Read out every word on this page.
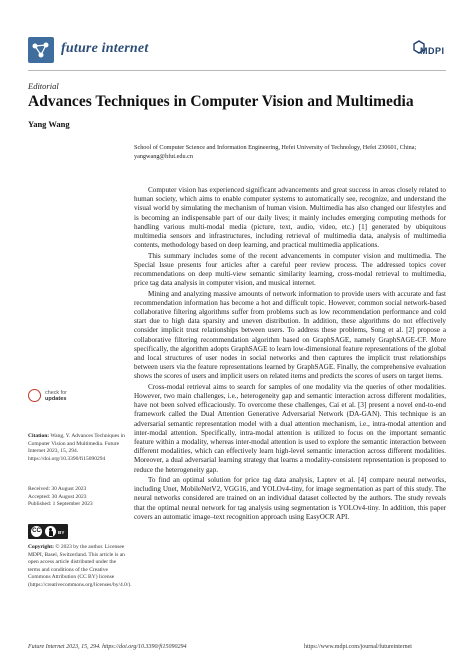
future internet	MDPI
Editorial
Advances Techniques in Computer Vision and Multimedia
Yang Wang
School of Computer Science and Information Engineering, Hefei University of Technology, Hefei 230601, China; yangwang@hfut.edu.cn

Computer vision has experienced significant advancements and great success in areas closely related to human society, which aims to enable computer systems to automatically see, recognize, and understand the visual world by simulating the mechanism of human vision. Multimedia has also changed our lifestyles and is becoming an indispensable part of our daily lives; it mainly includes emerging computing methods for handling various multi-modal media (picture, text, audio, video, etc.) [1] generated by ubiquitous multimedia sensors and infrastructures, including retrieval of multimedia data, analysis of multimedia contents, methodology based on deep learning, and practical multimedia applications.

This summary includes some of the recent advancements in computer vision and multimedia. The Special Issue presents four articles after a careful peer review process. The addressed topics cover recommendations on deep multi-view semantic similarity learning, cross-modal retrieval to multimedia, price tag data analysis in computer vision, and musical internet.

Mining and analyzing massive amounts of network information to provide users with accurate and fast recommendation information has become a hot and difficult topic. However, common social network-based collaborative filtering algorithms suffer from problems such as low recommendation performance and cold start due to high data sparsity and uneven distribution. In addition, these algorithms do not effectively consider implicit trust relationships between users. To address these problems, Song et al. [2] propose a collaborative filtering recommendation algorithm based on GraphSAGE, namely GraphSAGE-CF. More specifically, the algorithm adopts GraphSAGE to learn low-dimensional feature representations of the global and local structures of user nodes in social networks and then captures the implicit trust relationships between users via the feature representations learned by GraphSAGE. Finally, the comprehensive evaluation shows the scores of users and implicit users on related items and predicts the scores of users on target items.

Cross-modal retrieval aims to search for samples of one modality via the queries of other modalities. However, two main challenges, i.e., heterogeneity gap and semantic interaction across different modalities, have not been solved efficaciously. To overcome these challenges, Cai et al. [3] present a novel end-to-end framework called the Dual Attention Generative Adversarial Network (DA-GAN). This technique is an adversarial semantic representation model with a dual attention mechanism, i.e., intra-modal attention and inter-modal attention. Specifically, intra-modal attention is utilized to focus on the important semantic feature within a modality, whereas inter-modal attention is used to explore the semantic interaction between different modalities, which can effectively learn high-level semantic interaction across different modalities. Moreover, a dual adversarial learning strategy that learns a modality-consistent representation is proposed to reduce the heterogeneity gap.

To find an optimal solution for price tag data analysis, Laptev et al. [4] compare neural networks, including Unet, MobileNetV2, VGG16, and YOLOv4-tiny, for image segmentation as part of this study. The neural networks considered are trained on an individual dataset collected by the authors. The study reveals that the optimal neural network for tag analysis using segmentation is YOLOv4-tiny. In addition, this paper covers an automatic image–text recognition approach using EasyOCR API.

check for
updates
Citation: Wang, Y. Advances Techniques in Computer Vision and Multimedia. Future Internet 2023, 15, 294. https://doi.org/10.3390/fi15090294
Received: 30 August 2023
Accepted: 30 August 2023
Published: 1 September 2023
CC	BY
Copyright: © 2023 by the author. Licensee MDPI, Basel, Switzerland. This article is an open access article distributed under the terms and conditions of the Creative Commons Attribution (CC BY) license (https://creativecommons.org/licenses/by/4.0/).
Future Internet 2023, 15, 294. https://doi.org/10.3390/fi15090294	https://www.mdpi.com/journal/futureinternet
